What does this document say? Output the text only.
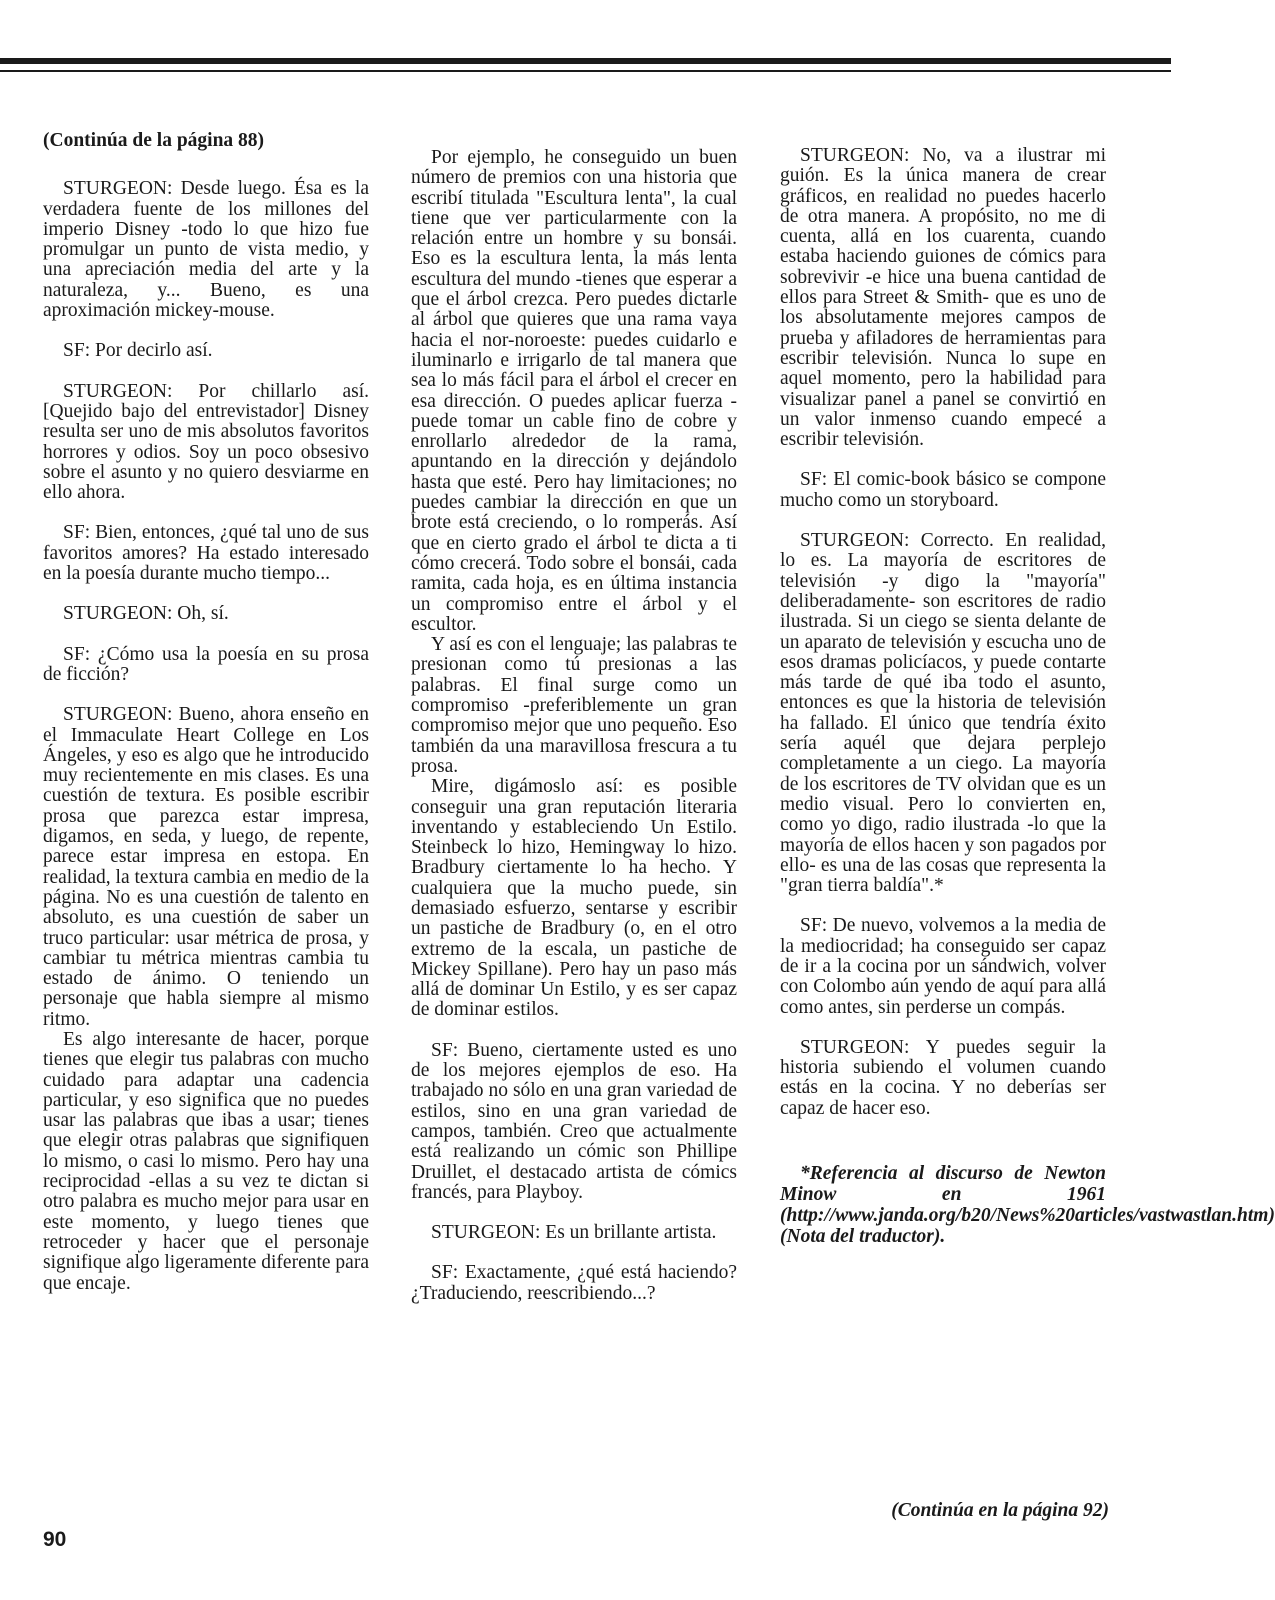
(Continúa de la página 88)

STURGEON: Desde luego. Ésa es la verdadera fuente de los millones del imperio Disney -todo lo que hizo fue promulgar un punto de vista medio, y una apreciación media del arte y la naturaleza, y... Bueno, es una aproximación mickey-mouse.

SF: Por decirlo así.

STURGEON: Por chillarlo así. [Quejido bajo del entrevistador] Disney resulta ser uno de mis absolutos favoritos horrores y odios. Soy un poco obsesivo sobre el asunto y no quiero desviarme en ello ahora.

SF: Bien, entonces, ¿qué tal uno de sus favoritos amores? Ha estado interesado en la poesía durante mucho tiempo...

STURGEON: Oh, sí.

SF: ¿Cómo usa la poesía en su prosa de ficción?

STURGEON: Bueno, ahora enseño en el Immaculate Heart College en Los Ángeles, y eso es algo que he introducido muy recientemente en mis clases. Es una cuestión de textura. Es posible escribir prosa que parezca estar impresa, digamos, en seda, y luego, de repente, parece estar impresa en estopa. En realidad, la textura cambia en medio de la página. No es una cuestión de talento en absoluto, es una cuestión de saber un truco particular: usar métrica de prosa, y cambiar tu métrica mientras cambia tu estado de ánimo. O teniendo un personaje que habla siempre al mismo ritmo.

Es algo interesante de hacer, porque tienes que elegir tus palabras con mucho cuidado para adaptar una cadencia particular, y eso significa que no puedes usar las palabras que ibas a usar; tienes que elegir otras palabras que signifiquen lo mismo, o casi lo mismo. Pero hay una reciprocidad -ellas a su vez te dictan si otro palabra es mucho mejor para usar en este momento, y luego tienes que retroceder y hacer que el personaje signifique algo ligeramente diferente para que encaje.

Por ejemplo, he conseguido un buen número de premios con una historia que escribí titulada "Escultura lenta", la cual tiene que ver particularmente con la relación entre un hombre y su bonsái. Eso es la escultura lenta, la más lenta escultura del mundo -tienes que esperar a que el árbol crezca. Pero puedes dictarle al árbol que quieres que una rama vaya hacia el nor-noroeste: puedes cuidarlo e iluminarlo e irrigarlo de tal manera que sea lo más fácil para el árbol el crecer en esa dirección. O puedes aplicar fuerza -puede tomar un cable fino de cobre y enrollarlo alrededor de la rama, apuntando en la dirección y dejándolo hasta que esté. Pero hay limitaciones; no puedes cambiar la dirección en que un brote está creciendo, o lo romperás. Así que en cierto grado el árbol te dicta a ti cómo crecerá. Todo sobre el bonsái, cada ramita, cada hoja, es en última instancia un compromiso entre el árbol y el escultor.

Y así es con el lenguaje; las palabras te presionan como tú presionas a las palabras. El final surge como un compromiso -preferiblemente un gran compromiso mejor que uno pequeño. Eso también da una maravillosa frescura a tu prosa.

Mire, digámoslo así: es posible conseguir una gran reputación literaria inventando y estableciendo Un Estilo. Steinbeck lo hizo, Hemingway lo hizo. Bradbury ciertamente lo ha hecho. Y cualquiera que la mucho puede, sin demasiado esfuerzo, sentarse y escribir un pastiche de Bradbury (o, en el otro extremo de la escala, un pastiche de Mickey Spillane). Pero hay un paso más allá de dominar Un Estilo, y es ser capaz de dominar estilos.

SF: Bueno, ciertamente usted es uno de los mejores ejemplos de eso. Ha trabajado no sólo en una gran variedad de estilos, sino en una gran variedad de campos, también. Creo que actualmente está realizando un cómic son Phillipe Druillet, el destacado artista de cómics francés, para Playboy.

STURGEON: Es un brillante artista.

SF: Exactamente, ¿qué está haciendo? ¿Traduciendo, reescribiendo...?

STURGEON: No, va a ilustrar mi guión. Es la única manera de crear gráficos, en realidad no puedes hacerlo de otra manera. A propósito, no me di cuenta, allá en los cuarenta, cuando estaba haciendo guiones de cómics para sobrevivir -e hice una buena cantidad de ellos para Street & Smith- que es uno de los absolutamente mejores campos de prueba y afiladores de herramientas para escribir televisión. Nunca lo supe en aquel momento, pero la habilidad para visualizar panel a panel se convirtió en un valor inmenso cuando empecé a escribir televisión.

SF: El comic-book básico se compone mucho como un storyboard.

STURGEON: Correcto. En realidad, lo es. La mayoría de escritores de televisión -y digo la "mayoría" deliberadamente- son escritores de radio ilustrada. Si un ciego se sienta delante de un aparato de televisión y escucha uno de esos dramas policíacos, y puede contarte más tarde de qué iba todo el asunto, entonces es que la historia de televisión ha fallado. El único que tendría éxito sería aquél que dejara perplejo completamente a un ciego. La mayoría de los escritores de TV olvidan que es un medio visual. Pero lo convierten en, como yo digo, radio ilustrada -lo que la mayoría de ellos hacen y son pagados por ello- es una de las cosas que representa la "gran tierra baldía".*

SF: De nuevo, volvemos a la media de la mediocridad; ha conseguido ser capaz de ir a la cocina por un sándwich, volver con Colombo aún yendo de aquí para allá como antes, sin perderse un compás.

STURGEON: Y puedes seguir la historia subiendo el volumen cuando estás en la cocina. Y no deberías ser capaz de hacer eso.

*Referencia al discurso de Newton Minow en 1961 (http://www.janda.org/b20/News%20articles/vastwastlan.htm) (Nota del traductor).

(Continúa en la página 92)
90
